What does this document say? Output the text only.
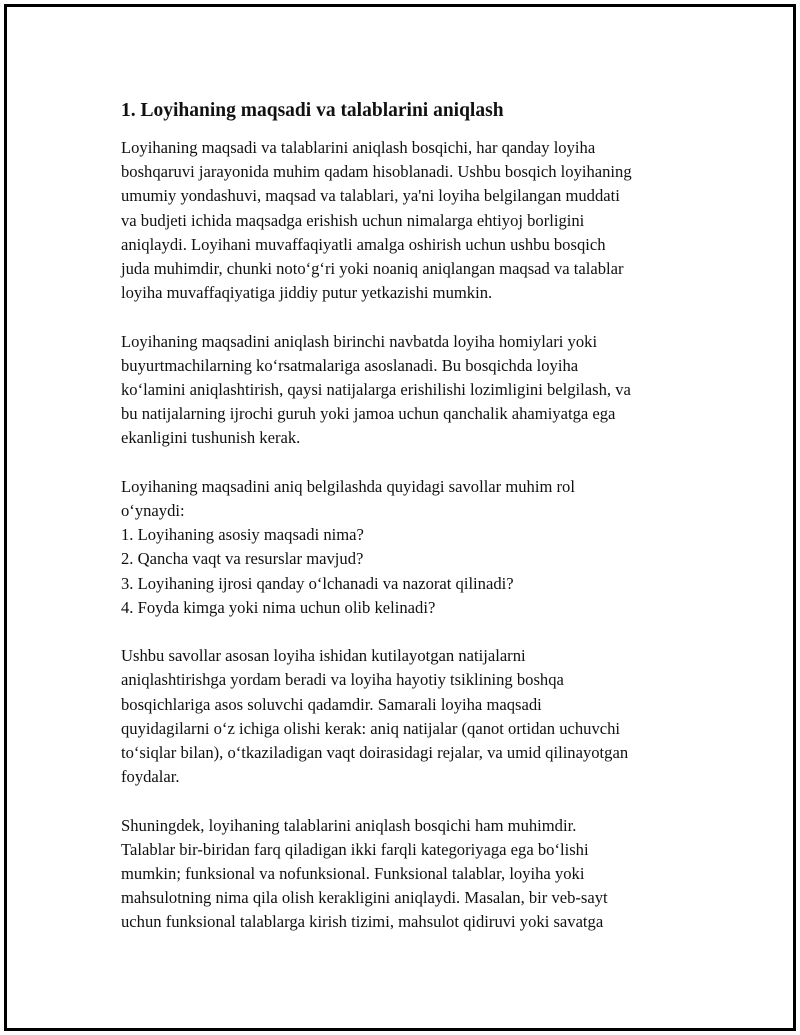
1. Loyihaning maqsadi va talablarini aniqlash
Loyihaning maqsadi va talablarini aniqlash bosqichi, har qanday loyiha
boshqaruvi jarayonida muhim qadam hisoblanadi. Ushbu bosqich loyihaning
umumiy yondashuvi, maqsad va talablari, ya'ni loyiha belgilangan muddati
va budjeti ichida maqsadga erishish uchun nimalarga ehtiyoj borligini
aniqlaydi. Loyihani muvaffaqiyatli amalga oshirish uchun ushbu bosqich
juda muhimdir, chunki noto‘g‘ri yoki noaniq aniqlangan maqsad va talablar
loyiha muvaffaqiyatiga jiddiy putur yetkazishi mumkin.
Loyihaning maqsadini aniqlash birinchi navbatda loyiha homiylari yoki
buyurtmachilarning ko‘rsatmalariga asoslanadi. Bu bosqichda loyiha
ko‘lamini aniqlashtirish, qaysi natijalarga erishilishi lozimligini belgilash, va
bu natijalarning ijrochi guruh yoki jamoa uchun qanchalik ahamiyatga ega
ekanligini tushunish kerak.
Loyihaning maqsadini aniq belgilashda quyidagi savollar muhim rol
o‘ynaydi:
1. Loyihaning asosiy maqsadi nima?
2. Qancha vaqt va resurslar mavjud?
3. Loyihaning ijrosi qanday o‘lchanadi va nazorat qilinadi?
4. Foyda kimga yoki nima uchun olib kelinadi?
Ushbu savollar asosan loyiha ishidan kutilayotgan natijalarni
aniqlashtirishga yordam beradi va loyiha hayotiy tsiklining boshqa
bosqichlariga asos soluvchi qadamdir. Samarali loyiha maqsadi
quyidagilarni o‘z ichiga olishi kerak: aniq natijalar (qanot ortidan uchuvchi
to‘siqlar bilan), o‘tkaziladigan vaqt doirasidagi rejalar, va umid qilinayotgan
foydalar.
Shuningdek, loyihaning talablarini aniqlash bosqichi ham muhimdir.
Talablar bir-biridan farq qiladigan ikki farqli kategoriyaga ega bo‘lishi
mumkin; funksional va nofunksional. Funksional talablar, loyiha yoki
mahsulotning nima qila olish kerakligini aniqlaydi. Masalan, bir veb-sayt
uchun funksional talablarga kirish tizimi, mahsulot qidiruvi yoki savatga
